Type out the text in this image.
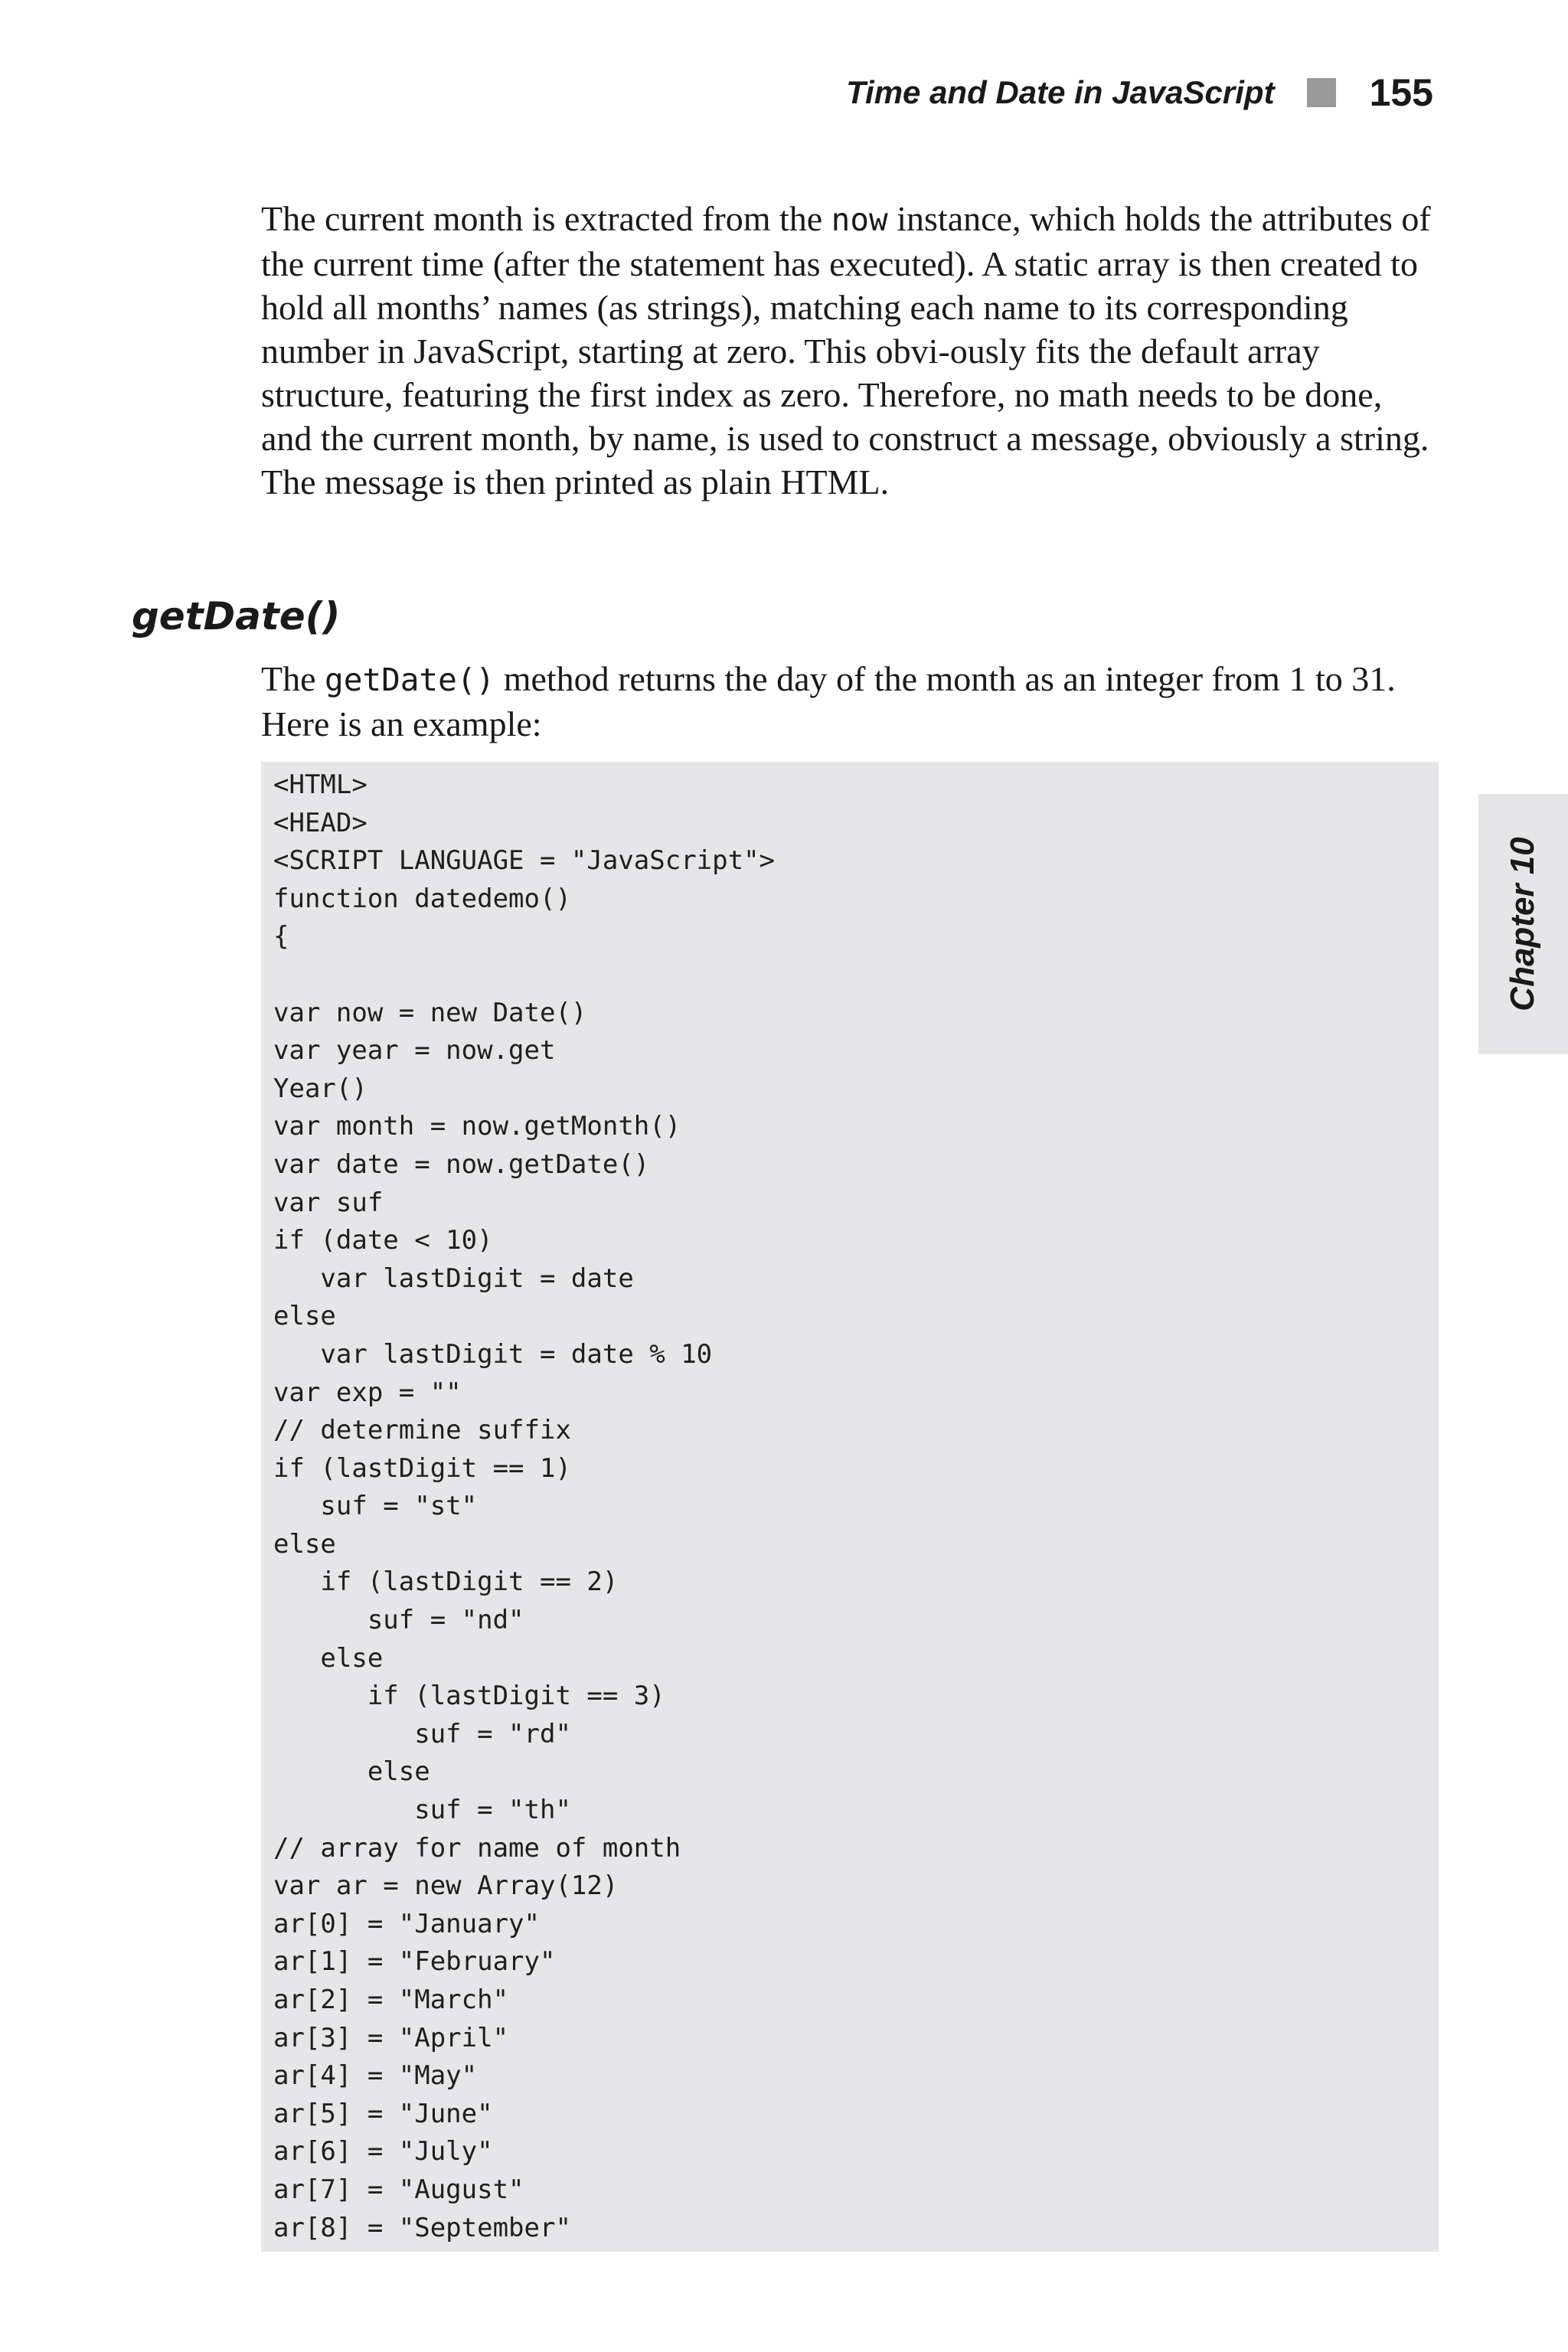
Time and Date in JavaScript 155

The current month is extracted from the now instance, which holds the attributes of the current time (after the statement has executed). A static array is then created to hold all months’ names (as strings), matching each name to its corresponding number in JavaScript, starting at zero. This obvi-ously fits the default array structure, featuring the first index as zero. Therefore, no math needs to be done, and the current month, by name, is used to construct a message, obviously a string. The message is then printed as plain HTML.

getDate()

The getDate() method returns the day of the month as an integer from 1 to 31. Here is an example:

<HTML>
<HEAD>
<SCRIPT LANGUAGE = "JavaScript">
function datedemo()
{
var now = new Date()
var year = now.get
Year()
var month = now.getMonth()
var date = now.getDate()
var suf
if (date < 10)
var lastDigit = date
else
var lastDigit = date % 10
var exp = ""
// determine suffix
if (lastDigit == 1)
suf = "st"
else
if (lastDigit == 2)
suf = "nd"
else
if (lastDigit == 3)
suf = "rd"
else
suf = "th"
// array for name of month
var ar = new Array(12)
ar[0] = "January"
ar[1] = "February"
ar[2] = "March"
ar[3] = "April"
ar[4] = "May"
ar[5] = "June"
ar[6] = "July"
ar[7] = "August"
ar[8] = "September"
Chapter 10
